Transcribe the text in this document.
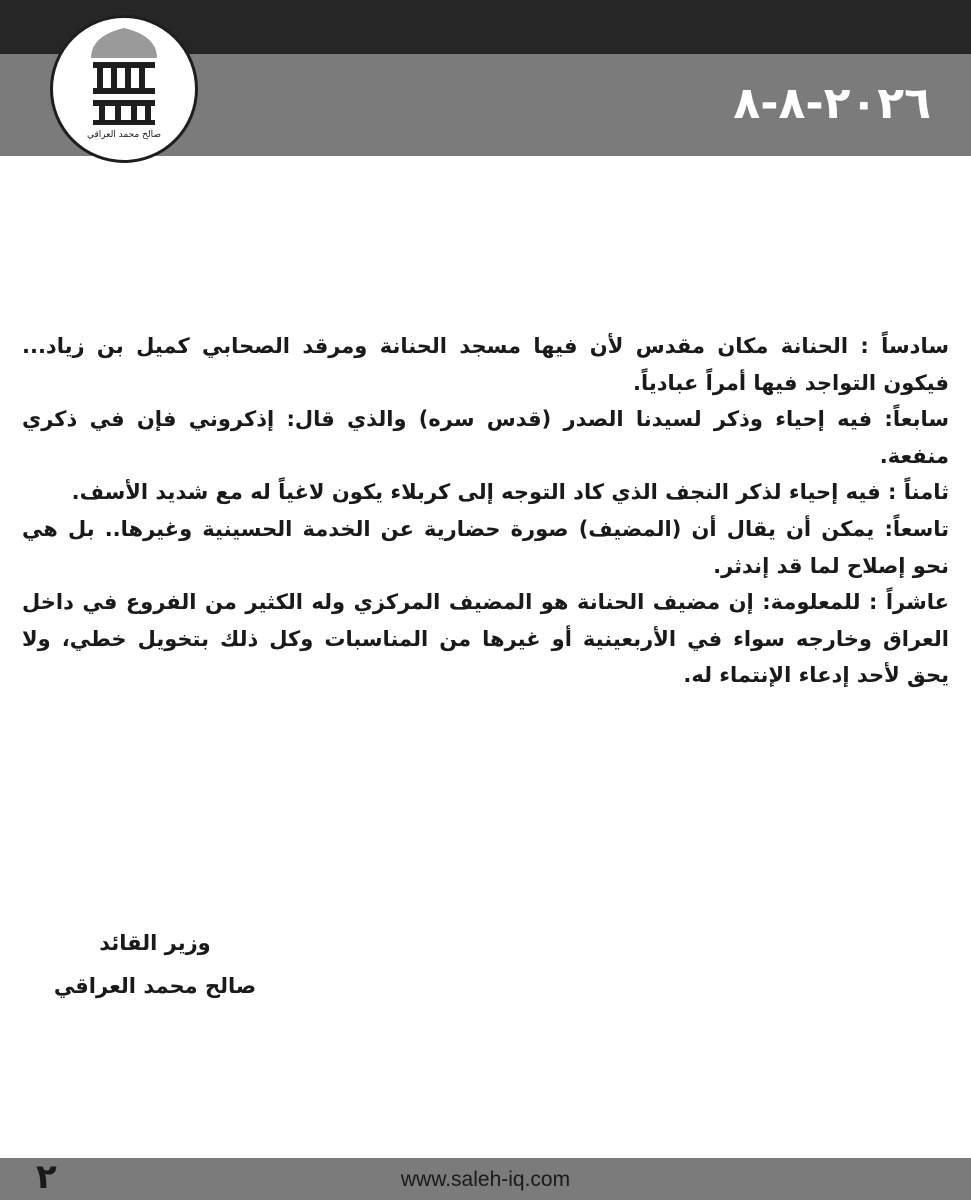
٢٠٢٦-٨-٨
صالح محمد العراقي

سادساً : الحنانة مكان مقدس لأن فيها مسجد الحنانة ومرقد الصحابي كميل بن زياد... فيكون التواجد فيها أمراً عبادياً.

سابعاً: فيه إحياء وذكر لسيدنا الصدر (قدس سره) والذي قال: إذكروني فإن في ذكري منفعة.

ثامناً : فيه إحياء لذكر النجف الذي كاد التوجه إلى كربلاء يكون لاغياً له مع شديد الأسف.

تاسعاً: يمكن أن يقال أن (المضيف) صورة حضارية عن الخدمة الحسينية وغيرها.. بل هي نحو إصلاح لما قد إندثر.

عاشراً : للمعلومة: إن مضيف الحنانة هو المضيف المركزي وله الكثير من الفروع في داخل العراق وخارجه سواء في الأربعينية أو غيرها من المناسبات وكل ذلك بتخويل خطي، ولا يحق لأحد إدعاء الإنتماء له.

وزير القائد
صالح محمد العراقي
٢	www.saleh-iq.com
